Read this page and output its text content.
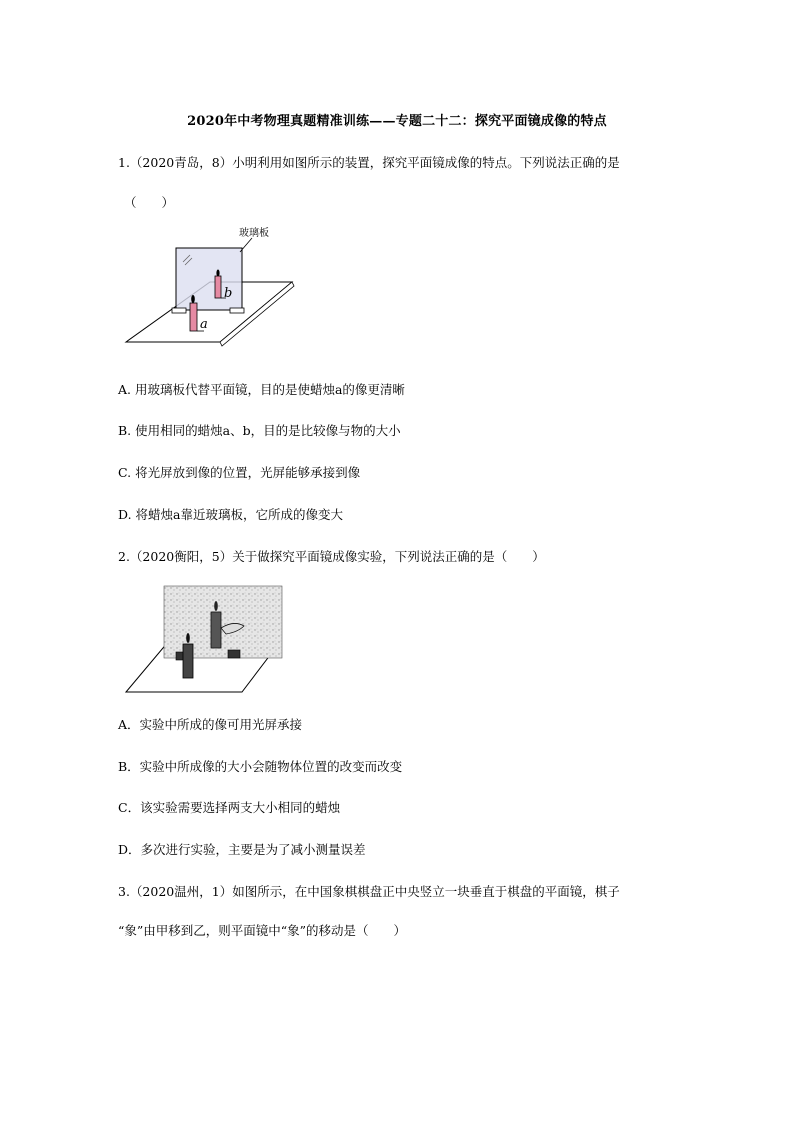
2020年中考物理真题精准训练——专题二十二：探究平面镜成像的特点
1.（2020青岛，8）小明利用如图所示的装置，探究平面镜成像的特点。下列说法正确的是
（　　）
玻璃板
b
a
A. 用玻璃板代替平面镜，目的是使蜡烛a的像更清晰
B. 使用相同的蜡烛a、b，目的是比较像与物的大小
C. 将光屏放到像的位置，光屏能够承接到像
D. 将蜡烛a靠近玻璃板，它所成的像变大
2.（2020衡阳，5）关于做探究平面镜成像实验，下列说法正确的是（　　）
A．实验中所成的像可用光屏承接
B．实验中所成像的大小会随物体位置的改变而改变
C．该实验需要选择两支大小相同的蜡烛
D．多次进行实验，主要是为了减小测量误差
3.（2020温州，1）如图所示，在中国象棋棋盘正中央竖立一块垂直于棋盘的平面镜，棋子
“象”由甲移到乙，则平面镜中“象”的移动是（　　）
